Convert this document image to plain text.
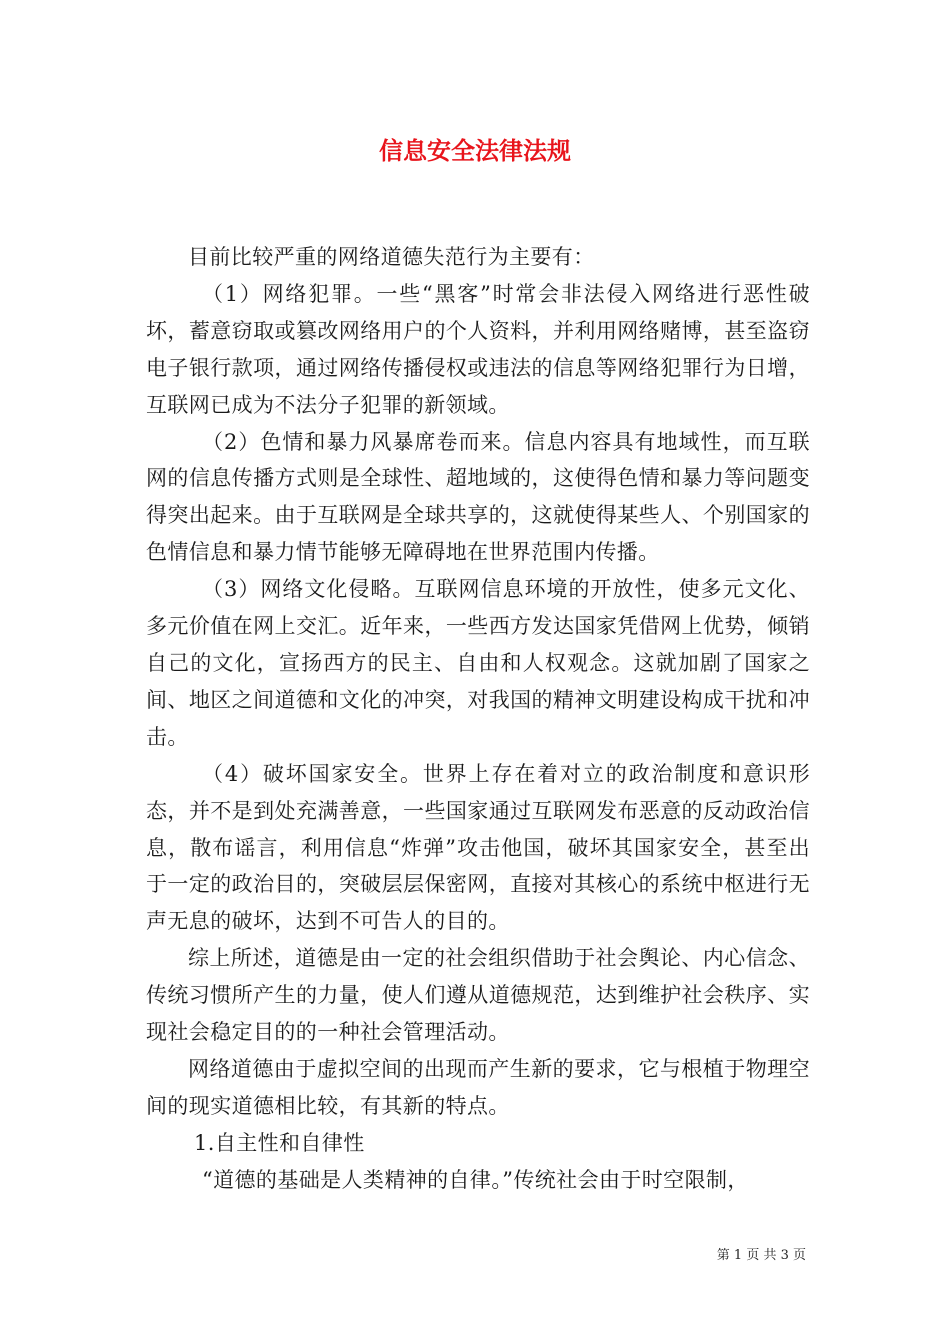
信息安全法律法规

目前比较严重的网络道德失范行为主要有：

（1）网络犯罪。一些“黑客”时常会非法侵入网络进行恶性破坏，蓄意窃取或篡改网络用户的个人资料，并利用网络赌博，甚至盗窃电子银行款项，通过网络传播侵权或违法的信息等网络犯罪行为日增，互联网已成为不法分子犯罪的新领域。

（2）色情和暴力风暴席卷而来。信息内容具有地域性，而互联网的信息传播方式则是全球性、超地域的，这使得色情和暴力等问题变得突出起来。由于互联网是全球共享的，这就使得某些人、个别国家的色情信息和暴力情节能够无障碍地在世界范围内传播。

（3）网络文化侵略。互联网信息环境的开放性，使多元文化、多元价值在网上交汇。近年来，一些西方发达国家凭借网上优势，倾销自己的文化，宣扬西方的民主、自由和人权观念。这就加剧了国家之间、地区之间道德和文化的冲突，对我国的精神文明建设构成干扰和冲击。

（4）破坏国家安全。世界上存在着对立的政治制度和意识形态，并不是到处充满善意，一些国家通过互联网发布恶意的反动政治信息，散布谣言，利用信息“炸弹”攻击他国，破坏其国家安全，甚至出于一定的政治目的，突破层层保密网，直接对其核心的系统中枢进行无声无息的破坏，达到不可告人的目的。

综上所述，道德是由一定的社会组织借助于社会舆论、内心信念、传统习惯所产生的力量，使人们遵从道德规范，达到维护社会秩序、实现社会稳定目的的一种社会管理活动。

网络道德由于虚拟空间的出现而产生新的要求，它与根植于物理空间的现实道德相比较，有其新的特点。

1.自主性和自律性

“道德的基础是人类精神的自律。”传统社会由于时空限制，

第 1 页 共 3 页
